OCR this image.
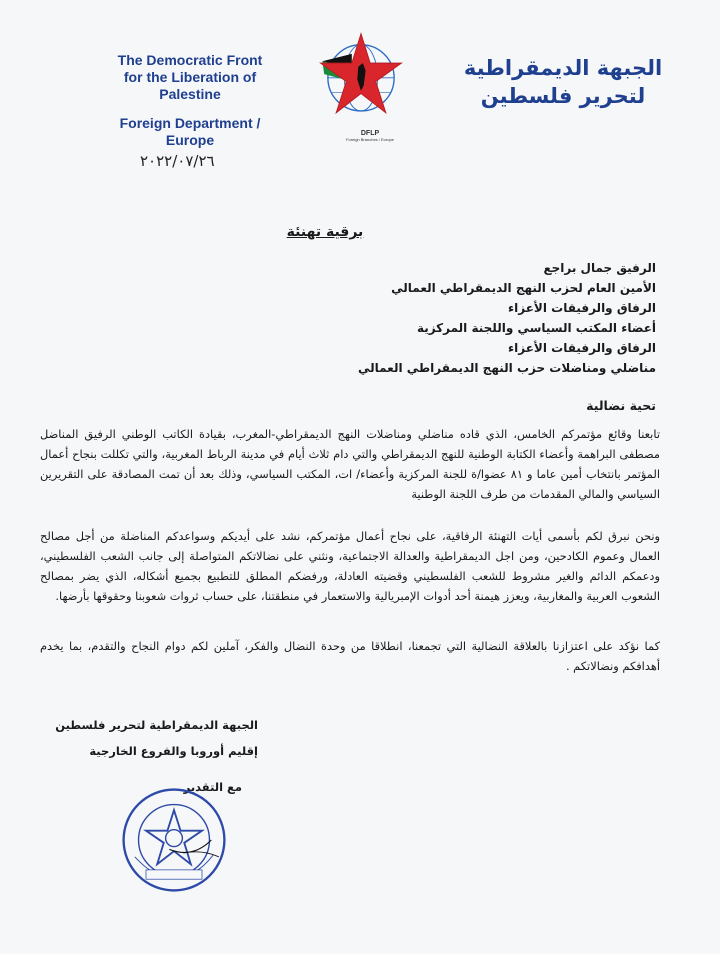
The Democratic Front
for the Liberation of
Palestine
Foreign Department /
Europe	DFLP
Foreign Branches / Europe
الجبهة الديمقراطية
لتحرير فلسطين
٢٠٢٢/٠٧/٢٦
برقية تهنئة
الرفيق جمال براجع
الأمين العام لحزب النهج الديمقراطي العمالي
الرفاق والرفيقات الأعزاء
أعضاء المكتب السياسي واللجنة المركزية
الرفاق والرفيقات الأعزاء
مناضلي ومناضلات حزب النهج الديمقراطي العمالي
تحية نضالية
تابعنا وقائع مؤتمركم الخامس، الذي قاده مناضلي ومناضلات النهج الديمقراطي-المغرب، بقيادة الكاتب الوطني الرفيق المناضل مصطفى البراهمة وأعضاء الكتابة الوطنية للنهج الديمقراطي والتي دام ثلاث أيام في مدينة الرباط المغربية، والتي تكللت بنجاح أعمال المؤتمر بانتخاب أمين عاما و ٨١ عضوا/ة للجنة المركزية وأعضاء/ ات، المكتب السياسي، وذلك بعد أن تمت المصادقة على التقريرين السياسي والمالي المقدمات من طرف اللجنة الوطنية
ونحن نبرق لكم بأسمى أيات التهنئة الرفاقية، على نجاح أعمال مؤتمركم، نشد على أيديكم وسواعدكم المناضلة من أجل مصالح العمال وعموم الكادحين، ومن اجل الديمقراطية والعدالة الاجتماعية، ونثني على نضالاتكم المتواصلة إلى جانب الشعب الفلسطيني، ودعمكم الدائم والغير مشروط للشعب الفلسطيني وقضيته العادلة، ورفضكم المطلق للتطبيع بجميع أشكاله، الذي يضر بمصالح الشعوب العربية والمغاربية، ويعزز هيمنة أحد أدوات الإمبريالية والاستعمار في منطقتنا، على حساب ثروات شعوبنا وحقوقها بأرضها.
كما نؤكد على اعتزازنا بالعلاقة النضالية التي تجمعنا، انطلاقا من وحدة النضال والفكر، آملين لكم دوام النجاح والتقدم، بما يخدم أهدافكم ونضالاتكم .
الجبهة الديمقراطية لتحرير فلسطين
إقليم أوروبا والفروع الخارجية
مع التقدير
